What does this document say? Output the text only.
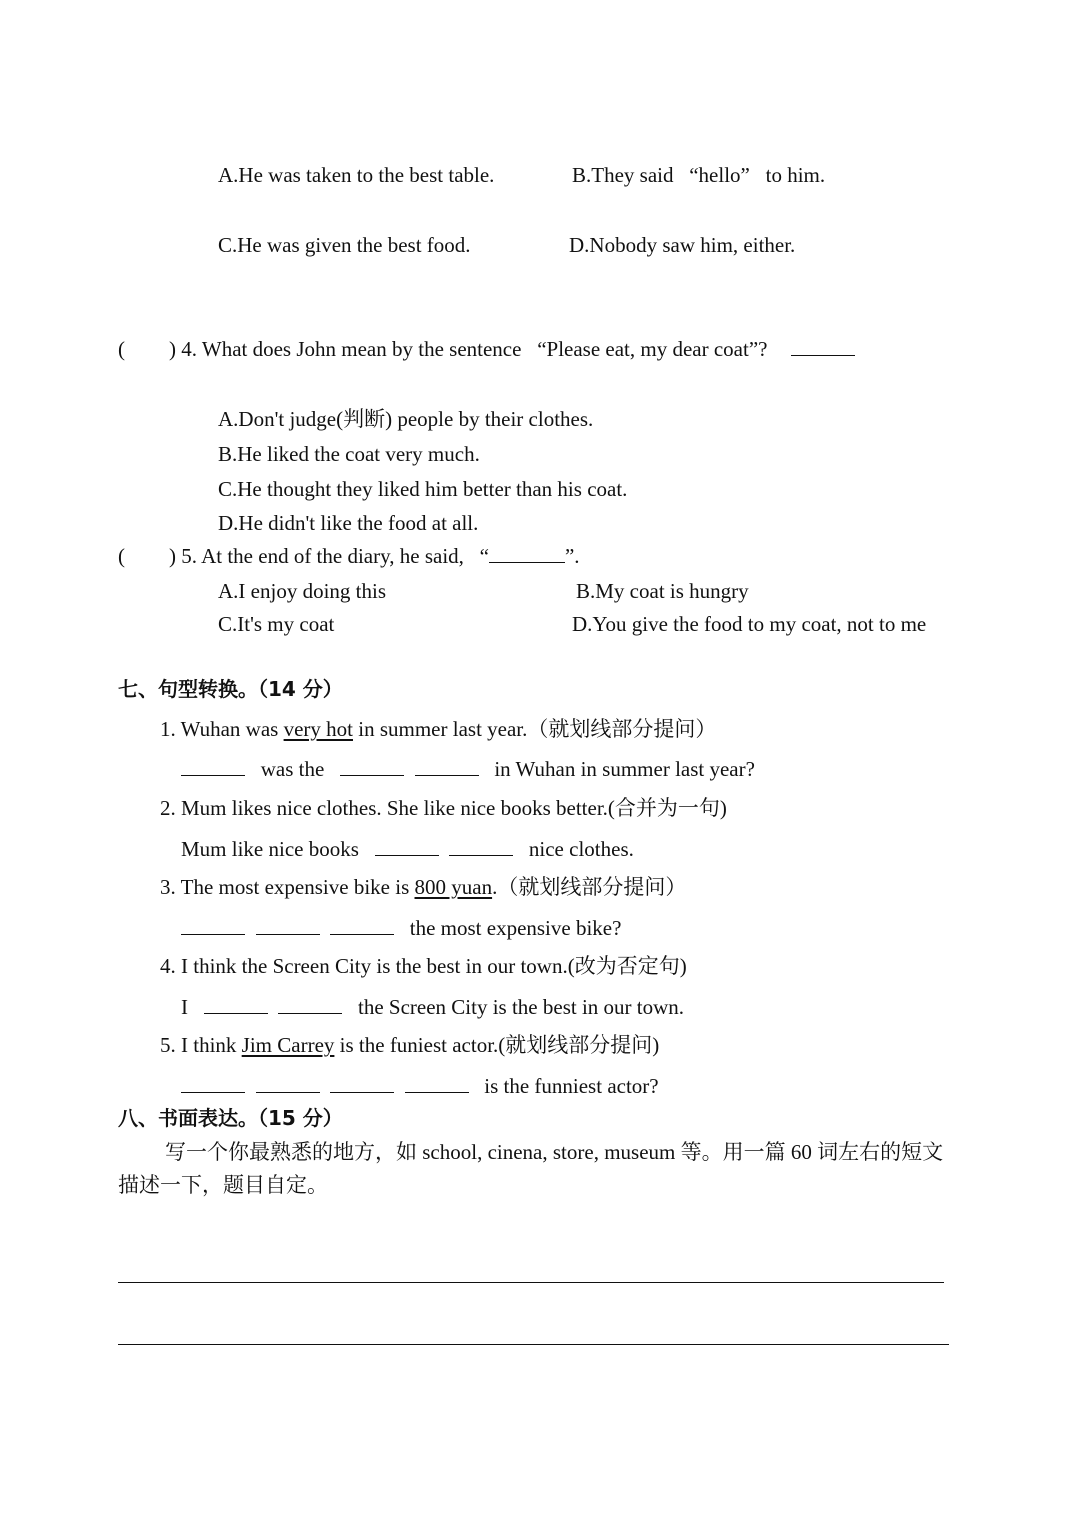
A.He was taken to the best table.	B.They said “hello” to him.
C.He was given the best food.	D.Nobody saw him, either.
( ) 4. What does John mean by the sentence “Please eat, my dear coat”?
A.Don't judge(判断) people by their clothes.
B.He liked the coat very much.
C.He thought they liked him better than his coat.
D.He didn't like the food at all.
( ) 5. At the end of the diary, he said, “	”.
A.I enjoy doing this	B.My coat is hungry
C.It's my coat	D.You give the food to my coat, not to me
七、句型转换。（14 分）
1. Wuhan was very hot in summer last year.（就划线部分提问）
was the	in Wuhan in summer last year?
2. Mum likes nice clothes. She like nice books better.(合并为一句)
Mum like nice books	nice clothes.
3. The most expensive bike is 800 yuan.（就划线部分提问）
the most expensive bike?
4. I think the Screen City is the best in our town.(改为否定句)
I	the Screen City is the best in our town.
5. I think Jim Carrey is the funiest actor.(就划线部分提问)
is the funniest actor?
八、书面表达。（15 分）
写一个你最熟悉的地方，如 school, cinena, store, museum 等。用一篇 60 词左右的短文
描述一下，题目自定。
